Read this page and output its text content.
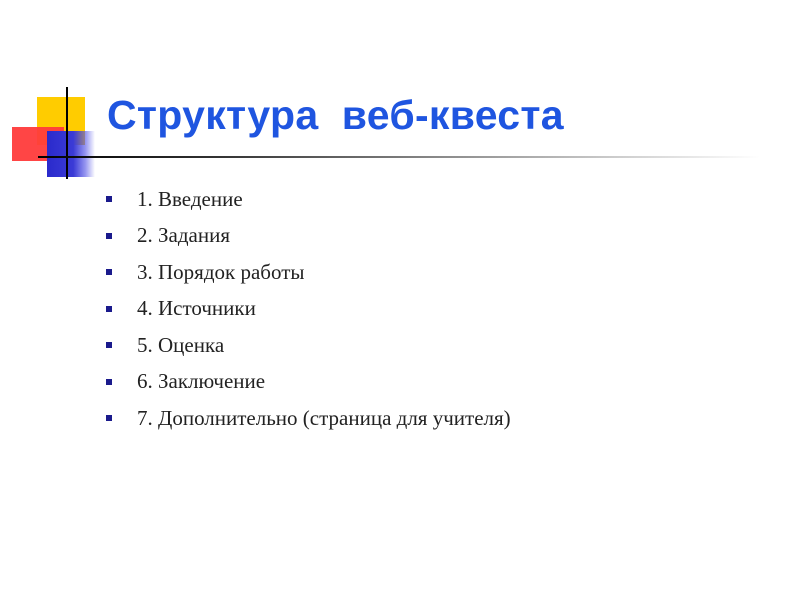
Структура  веб-квеста
1. Введение
2. Задания
3. Порядок работы
4. Источники
5. Оценка
6. Заключение
7. Дополнительно (страница для учителя)
